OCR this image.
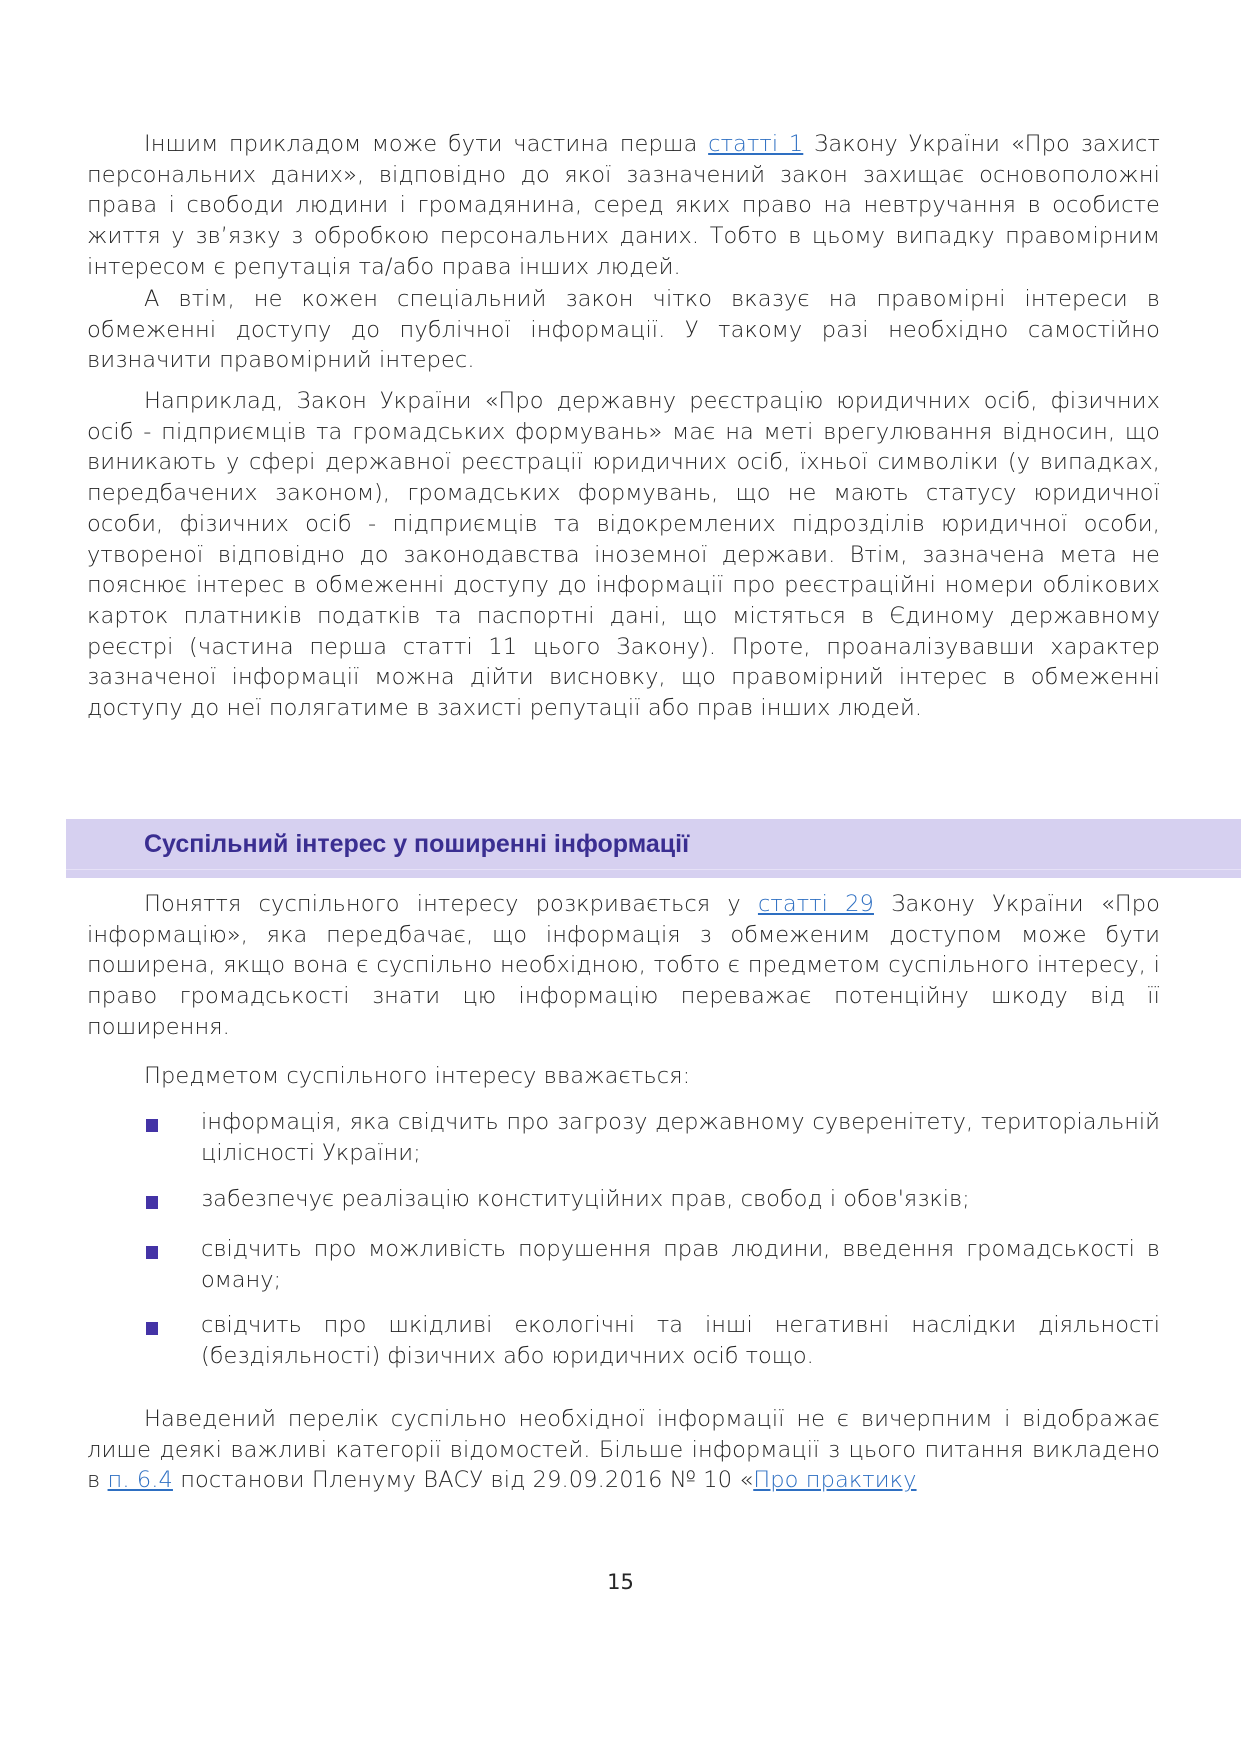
Іншим прикладом може бути частина перша статті 1 Закону України «Про захист персональних даних», відповідно до якої зазначений закон захищає основоположні права і свободи людини і громадянина, серед яких право на невтручання в особисте життя у зв’язку з обробкою персональних даних. Тобто в цьому випадку правомірним інтересом є репутація та/або права інших людей.

А втім, не кожен спеціальний закон чітко вказує на правомірні інтереси в обмеженні доступу до публічної інформації. У такому разі необхідно самостійно визначити правомірний інтерес.

Наприклад, Закон України «Про державну реєстрацію юридичних осіб, фізичних осіб - підприємців та громадських формувань» має на меті врегулювання відносин, що виникають у сфері державної реєстрації юридичних осіб, їхньої символіки (у випадках, передбачених законом), громадських формувань, що не мають статусу юридичної особи, фізичних осіб - підприємців та відокремлених підрозділів юридичної особи, утвореної відповідно до законодавства іноземної держави. Втім, зазначена мета не пояснює інтерес в обмеженні доступу до інформації про реєстраційні номери облікових карток платників податків та паспортні дані, що містяться в Єдиному державному реєстрі (частина перша статті 11 цього Закону). Проте, проаналізувавши характер зазначеної інформації можна дійти висновку, що правомірний інтерес в обмеженні доступу до неї полягатиме в захисті репутації або прав інших людей.

Суспільний інтерес у поширенні інформації

Поняття суспільного інтересу розкривається у статті 29 Закону України «Про інформацію», яка передбачає, що інформація з обмеженим доступом може бути поширена, якщо вона є суспільно необхідною, тобто є предметом суспільного інтересу, і право громадськості знати цю інформацію переважає потенційну шкоду від її поширення.

Предметом суспільного інтересу вважається:

інформація, яка свідчить про загрозу державному суверенітету, територіальній цілісності України;
забезпечує реалізацію конституційних прав, свобод і обов'язків;
свідчить про можливість порушення прав людини, введення громадськості в оману;
свідчить про шкідливі екологічні та інші негативні наслідки діяльності (бездіяльності) фізичних або юридичних осіб тощо.

Наведений перелік суспільно необхідної інформації не є вичерпним і відображає лише деякі важливі категорії відомостей. Більше інформації з цього питання викладено в п. 6.4 постанови Пленуму ВАСУ від 29.09.2016 № 10 «Про практику

15
